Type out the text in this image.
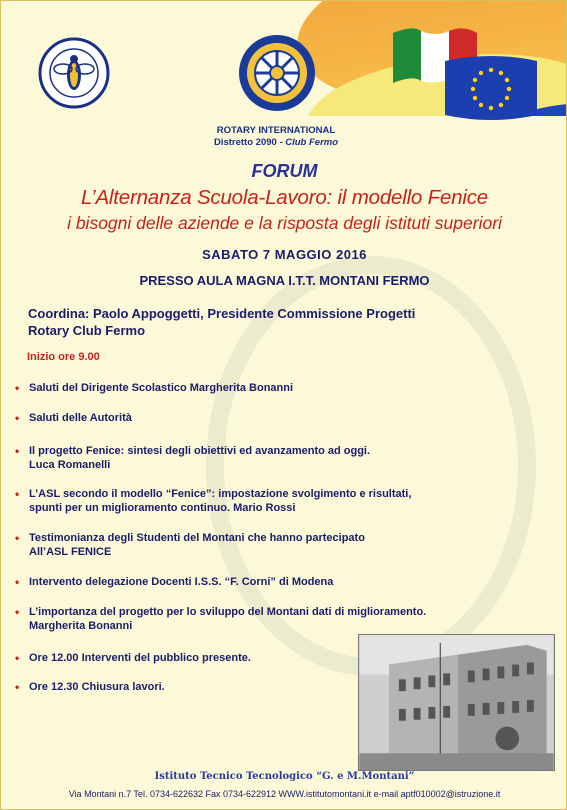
ROTARY INTERNATIONAL
Distretto 2090 - Club Fermo
FORUM
L’Alternanza Scuola-Lavoro: il modello Fenice
i bisogni delle aziende e la risposta degli istituti superiori
SABATO 7 MAGGIO 2016
PRESSO AULA MAGNA I.T.T. MONTANI FERMO
Coordina: Paolo Appoggetti, Presidente Commissione Progetti
Rotary Club Fermo
Inizio ore 9.00
• Saluti del Dirigente Scolastico Margherita Bonanni
• Saluti delle Autorità
• Il progetto Fenice: sintesi degli obiettivi ed avanzamento ad oggi.
Luca Romanelli
• L’ASL secondo il modello “Fenice”: impostazione svolgimento e risultati,
spunti per un miglioramento continuo. Mario Rossi
• Testimonianza degli Studenti del Montani che hanno partecipato
All’ASL FENICE
• Intervento delegazione Docenti I.S.S. “F. Corni” di Modena
• L’importanza del progetto per lo sviluppo del Montani dati di miglioramento.
Margherita Bonanni
• Ore 12.00 Interventi del pubblico presente.
• Ore 12.30 Chiusura lavori.
Istituto Tecnico Tecnologico “G. e M.Montani”
Via Montani n.7 Tel. 0734-622632 Fax 0734-622912 WWW.istitutomontani.it e-mail aptf010002@istruzione.it
